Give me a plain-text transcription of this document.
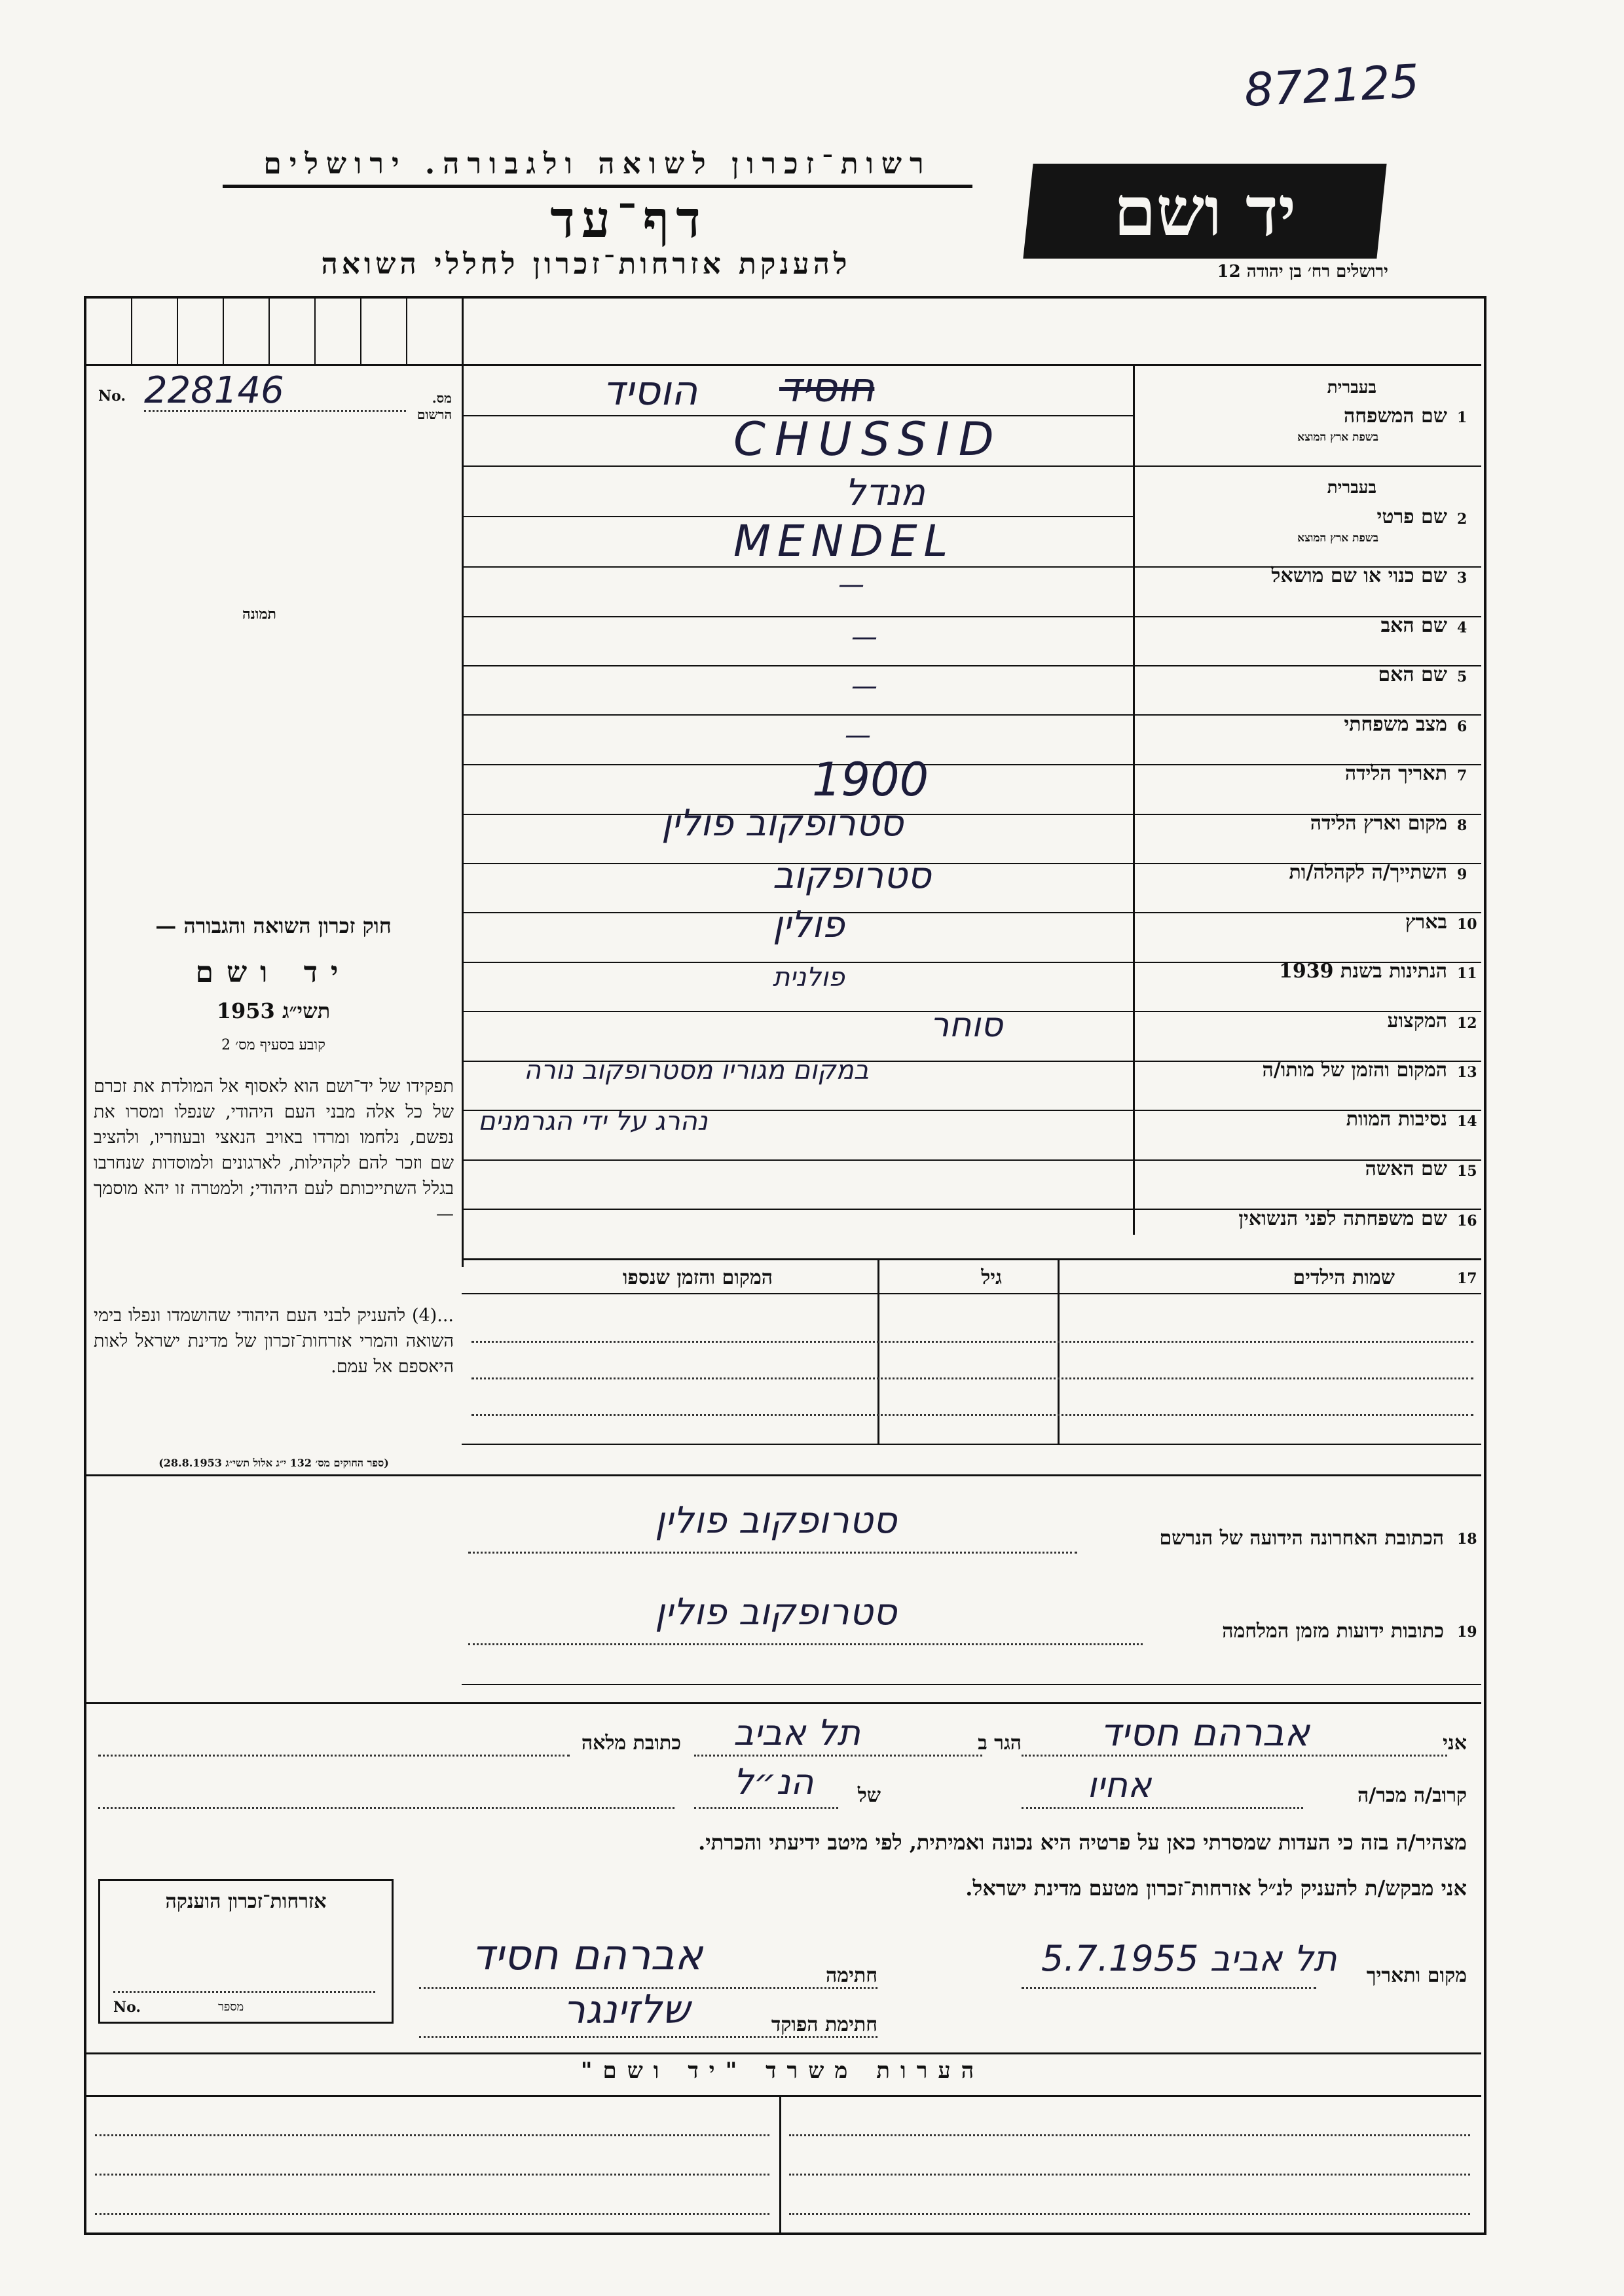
872125
יד ושם
ירושלים רח׳ בן יהודה 12
רשות־זכרון לשואה ולגבורה. ירושלים
דף־עד
להענקת אזרחות־זכרון לחללי השואה
No. 228146	מס. הרשום
תמונה
חוק זכרון השואה והגבורה —
יד ושם
תשי״ג 1953
קובע בסעיף מס׳ 2
תפקידו של יד־ושם הוא לאסוף אל המולדת את זכרם של כל אלה מבני העם היהודי, שנפלו ומסרו את נפשם, נלחמו ומרדו באויב הנאצי ובעוזריו, ולהציב שם וזכר להם לקהילות, לארגונים ולמוסדות שנחרבו בגלל השתייכותם לעם היהודי; ולמטרה זו יהא מוסמך —
...(4) להעניק לבני העם היהודי שהושמדו ונפלו בימי השואה והמרי אזרחות־זכרון של מדינת ישראל לאות היאספם אל עמם.
(ספר החוקים מס׳ 132 י״ג אלול תשי״ג 28.8.1953)
1
שם המשפחה
בעברית
בשפת ארץ המוצא
חוסיד
הוסיד
CHUSSID
2
שם פרטי
בעברית
בשפת ארץ המוצא
מנדל
MENDEL
3
שם כנוי או שם מושאל
—
4
שם האב
—
5
שם האם
—
6
מצב משפחתי
—
7
תאריך הלידה
1900
8
מקום וארץ הלידה
סטרופקוב פולין
9
השתייך/ה לקהלה/ות
סטרופקוב
10
בארץ
פולין
11
הנתינות בשנת 1939
פולנית
12
המקצוע
סוחר
13
המקום והזמן של מותו/ה
במקום מגוריו מסטרופקוב נורה
14
נסיבות המוות
נהרג על ידי הגרמנים
15
שם האשה
16
שם משפחתה לפני הנשואין
17
שמות הילדים
גיל
המקום והזמן שנספו
18
הכתובת האחרונה הידועה של הנרשם
סטרופקוב פולין
19
כתובות ידועות מזמן המלחמה
סטרופקוב פולין
אני
אברהם חסיד
הגר ב
תל אביב
כתובת מלאה
קרוב/ה מכר/ה
אחיו
של
הנ״ל
מצהיר/ה בזה כי העדות שמסרתי כאן על פרטיה היא נכונה ואמיתית, לפי מיטב ידיעתי והכרתי.
אני מבקש/ת להעניק לנ״ל אזרחות־זכרון מטעם מדינת ישראל.
אזרחות־זכרון הוענקה
No.	מספר
מקום ותאריך
תל אביב 5.7.1955
חתימה
אברהם חסיד
חתימת הפוקד
שלזינגר
הערות משרד "יד ושם"
